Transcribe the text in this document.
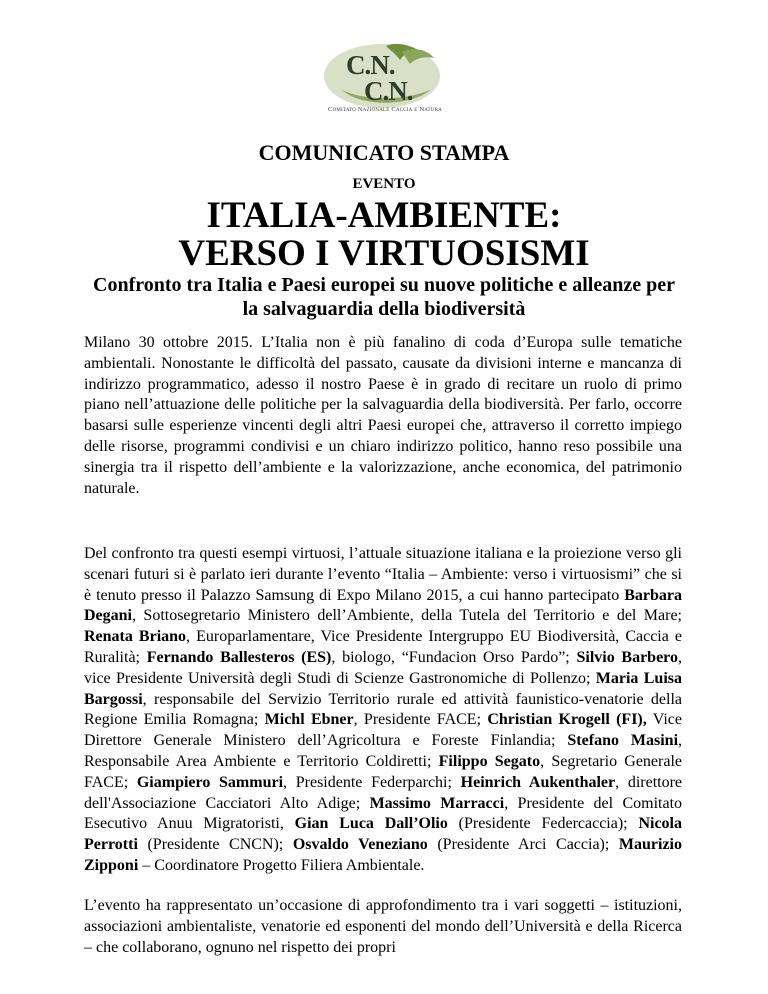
C.N.
C.N.
Comitato Nazionale Caccia e Natura
COMUNICATO STAMPA
EVENTO
ITALIA-AMBIENTE:
VERSO I VIRTUOSISMI
Confronto tra Italia e Paesi europei su nuove politiche e alleanze per la salvaguardia della biodiversità
Milano 30 ottobre 2015. L’Italia non è più fanalino di coda d’Europa sulle tematiche ambientali. Nonostante le difficoltà del passato, causate da divisioni interne e mancanza di indirizzo programmatico, adesso il nostro Paese è in grado di recitare un ruolo di primo piano nell’attuazione delle politiche per la salvaguardia della biodiversità. Per farlo, occorre basarsi sulle esperienze vincenti degli altri Paesi europei che, attraverso il corretto impiego delle risorse, programmi condivisi e un chiaro indirizzo politico, hanno reso possibile una sinergia tra il rispetto dell’ambiente e la valorizzazione, anche economica, del patrimonio naturale.
Del confronto tra questi esempi virtuosi, l’attuale situazione italiana e la proiezione verso gli scenari futuri si è parlato ieri durante l’evento “Italia – Ambiente: verso i virtuosismi” che si è tenuto presso il Palazzo Samsung di Expo Milano 2015, a cui hanno partecipato Barbara Degani, Sottosegretario Ministero dell’Ambiente, della Tutela del Territorio e del Mare; Renata Briano, Europarlamentare, Vice Presidente Intergruppo EU Biodiversità, Caccia e Ruralità; Fernando Ballesteros (ES), biologo, “Fundacion Orso Pardo”; Silvio Barbero, vice Presidente Università degli Studi di Scienze Gastronomiche di Pollenzo; Maria Luisa Bargossi, responsabile del Servizio Territorio rurale ed attività faunistico-venatorie della Regione Emilia Romagna; Michl Ebner, Presidente FACE; Christian Krogell (FI), Vice Direttore Generale Ministero dell’Agricoltura e Foreste Finlandia; Stefano Masini, Responsabile Area Ambiente e Territorio Coldiretti; Filippo Segato, Segretario Generale FACE; Giampiero Sammuri, Presidente Federparchi; Heinrich Aukenthaler, direttore dell'Associazione Cacciatori Alto Adige; Massimo Marracci, Presidente del Comitato Esecutivo Anuu Migratoristi, Gian Luca Dall’Olio (Presidente Federcaccia); Nicola Perrotti (Presidente CNCN); Osvaldo Veneziano (Presidente Arci Caccia); Maurizio Zipponi – Coordinatore Progetto Filiera Ambientale.
L’evento ha rappresentato un’occasione di approfondimento tra i vari soggetti – istituzioni, associazioni ambientaliste, venatorie ed esponenti del mondo dell’Università e della Ricerca – che collaborano, ognuno nel rispetto dei propri
